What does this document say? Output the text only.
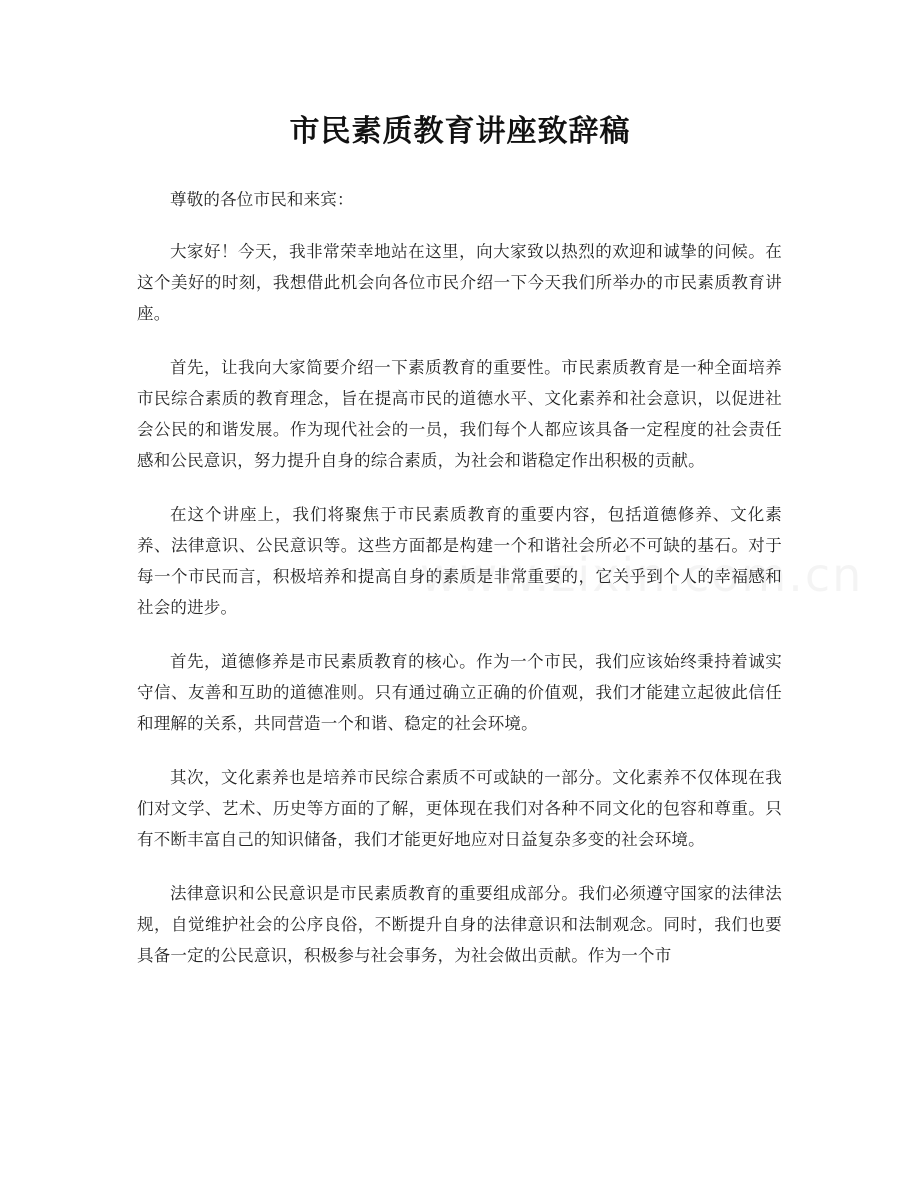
市民素质教育讲座致辞稿

尊敬的各位市民和来宾：

大家好！今天，我非常荣幸地站在这里，向大家致以热烈的欢迎和诚挚的问候。在这个美好的时刻，我想借此机会向各位市民介绍一下今天我们所举办的市民素质教育讲座。

首先，让我向大家简要介绍一下素质教育的重要性。市民素质教育是一种全面培养市民综合素质的教育理念，旨在提高市民的道德水平、文化素养和社会意识，以促进社会公民的和谐发展。作为现代社会的一员，我们每个人都应该具备一定程度的社会责任感和公民意识，努力提升自身的综合素质，为社会和谐稳定作出积极的贡献。

在这个讲座上，我们将聚焦于市民素质教育的重要内容，包括道德修养、文化素养、法律意识、公民意识等。这些方面都是构建一个和谐社会所必不可缺的基石。对于每一个市民而言，积极培养和提高自身的素质是非常重要的，它关乎到个人的幸福感和社会的进步。

首先，道德修养是市民素质教育的核心。作为一个市民，我们应该始终秉持着诚实守信、友善和互助的道德准则。只有通过确立正确的价值观，我们才能建立起彼此信任和理解的关系，共同营造一个和谐、稳定的社会环境。

其次，文化素养也是培养市民综合素质不可或缺的一部分。文化素养不仅体现在我们对文学、艺术、历史等方面的了解，更体现在我们对各种不同文化的包容和尊重。只有不断丰富自己的知识储备，我们才能更好地应对日益复杂多变的社会环境。

法律意识和公民意识是市民素质教育的重要组成部分。我们必须遵守国家的法律法规，自觉维护社会的公序良俗，不断提升自身的法律意识和法制观念。同时，我们也要具备一定的公民意识，积极参与社会事务，为社会做出贡献。作为一个市
